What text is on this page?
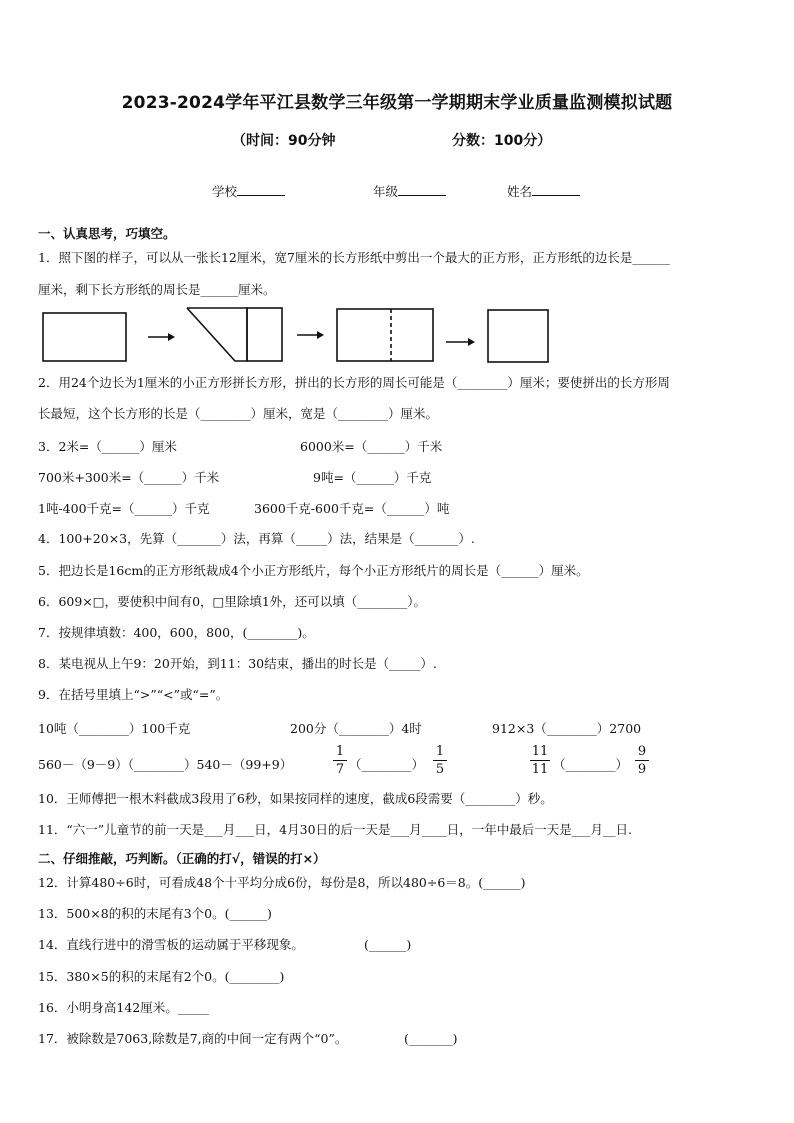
2023-2024学年平江县数学三年级第一学期期末学业质量监测模拟试题
（时间：90分钟	分数：100分）
学校	年级	姓名
一、认真思考，巧填空。
1．照下图的样子，可以从一张长12厘米，宽7厘米的长方形纸中剪出一个最大的正方形，正方形纸的边长是______
厘米，剩下长方形纸的周长是______厘米。
2．用24个边长为1厘米的小正方形拼长方形，拼出的长方形的周长可能是（________）厘米；要使拼出的长方形周
长最短，这个长方形的长是（________）厘米，宽是（________）厘米。
3．2米=（______）厘米	6000米=（______）千米
700米+300米=（______）千米	9吨=（______）千克
1吨-400千克=（______）千克	3600千克-600千克=（______）吨
4．100+20×3，先算（_______）法，再算（_____）法，结果是（_______）.
5．把边长是16cm的正方形纸裁成4个小正方形纸片，每个小正方形纸片的周长是（______）厘米。
6．609×□，要使积中间有0，□里除填1外，还可以填（________）。
7．按规律填数：400，600，800，(________)。
8．某电视从上午9：20开始，到11：30结束，播出的时长是（_____）.
9．在括号里填上“>”“<”或“=”。
10吨（________）100千克	200分（________）4时	912×3（________）2700
560－（9－9）（________）540－（99+9）	$\frac{1}{7}$ （________） $\frac{1}{5}$	$\frac{11}{11}$ （________） $\frac{9}{9}$
10．王师傅把一根木料截成3段用了6秒，如果按同样的速度，截成6段需要（________）秒。
11．“六一”儿童节的前一天是___月___日，4月30日的后一天是___月____日，一年中最后一天是___月__日.
二、仔细推敲，巧判断。（正确的打√，错误的打×）
12．计算480÷6时，可看成48个十平均分成6份，每份是8，所以480÷6＝8。(______)
13．500×8的积的末尾有3个0。(______)
14．直线行进中的滑雪板的运动属于平移现象。	(______)
15．380×5的积的末尾有2个0。(________)
16．小明身高142厘米。_____
17．被除数是7063,除数是7,商的中间一定有两个“0”。	(_______)
